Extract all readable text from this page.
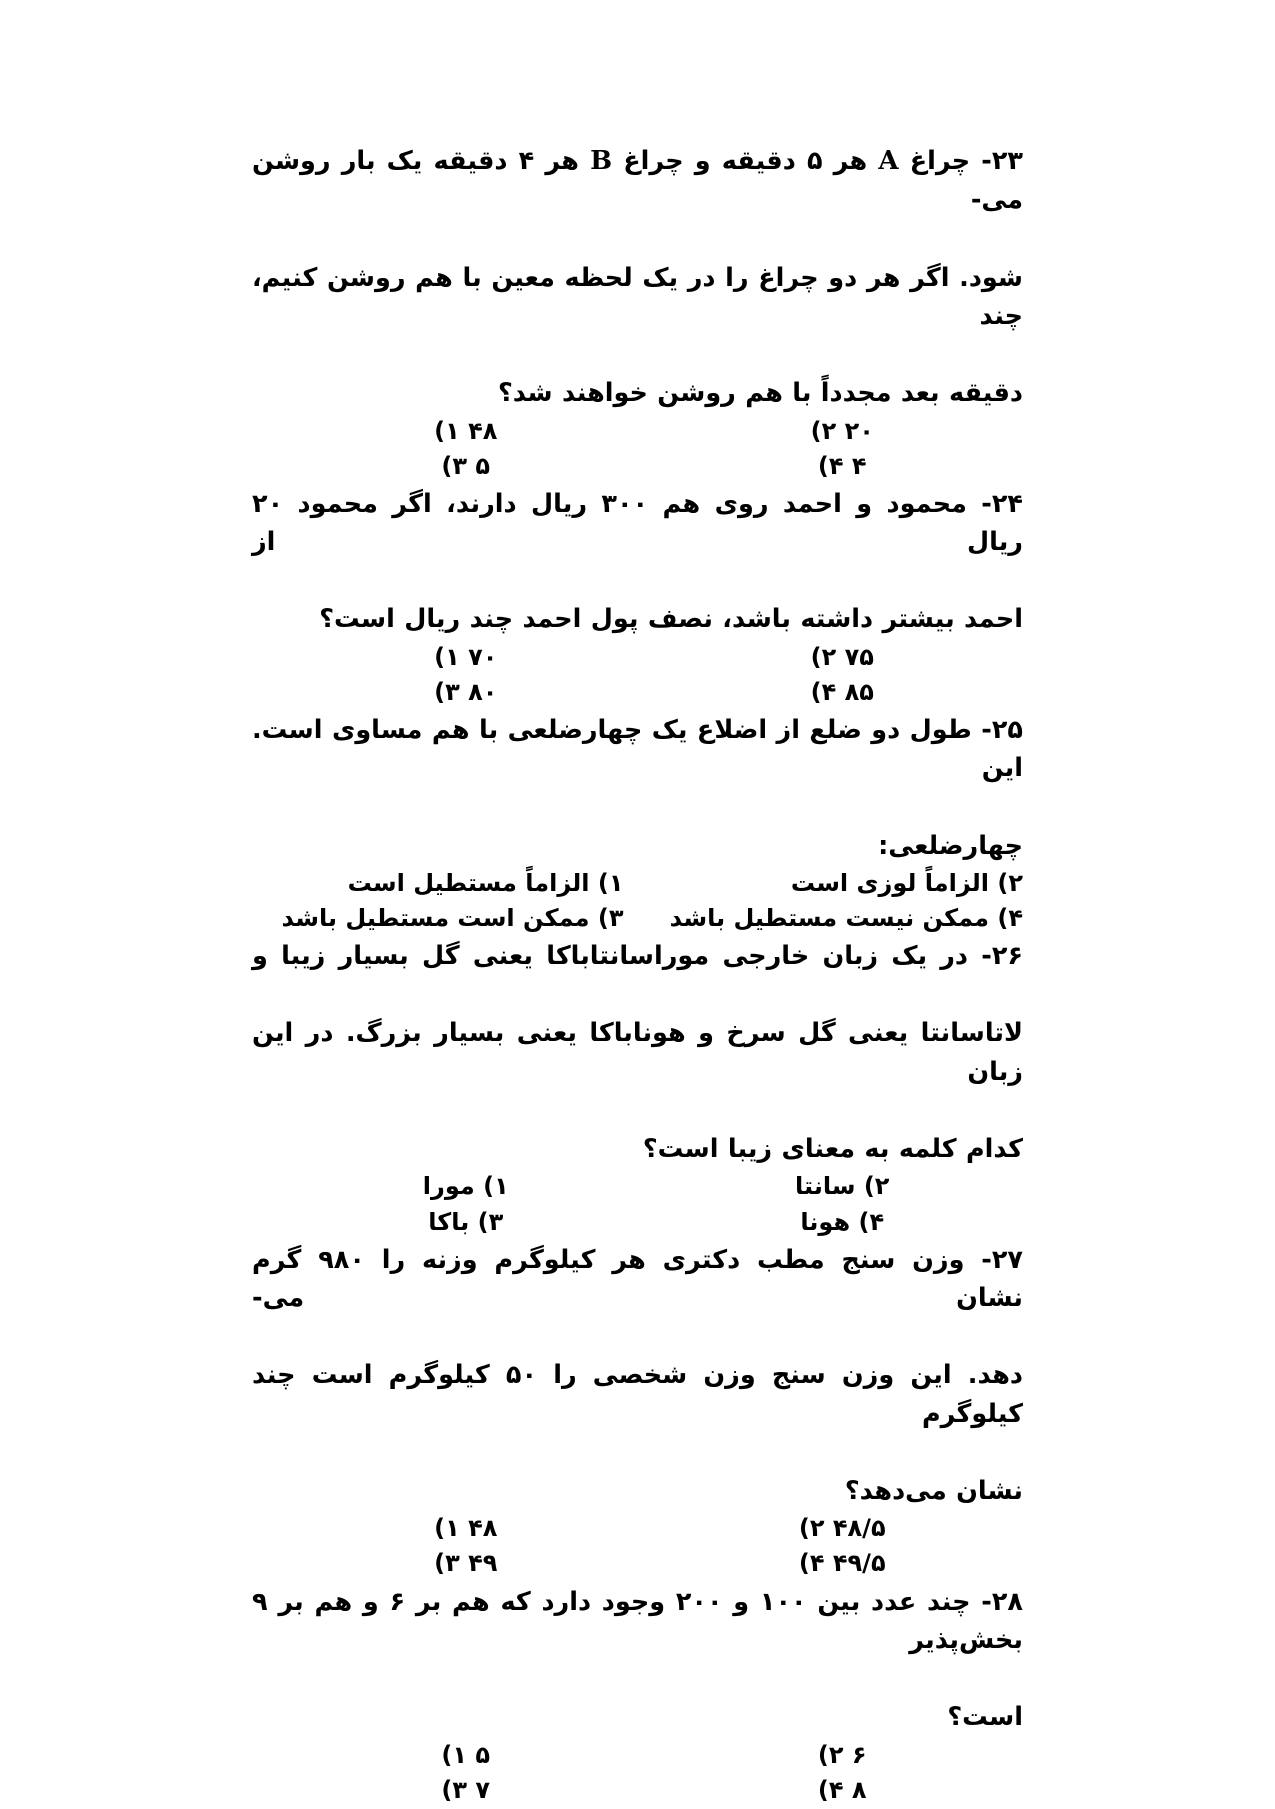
۲۳- چراغ A هر ۵ دقیقه و چراغ B هر ۴ دقیقه یک بار روشن می-

شود. اگر هر دو چراغ را در یک لحظه معین با هم روشن کنیم، چند

دقیقه بعد مجدداً با هم روشن خواهند شد؟

۲۰ ۲)
۴۸ ۱)
۴ ۴)
۵ ۳)

۲۴- محمود و احمد روی هم ۳۰۰ ریال دارند، اگر محمود ۲۰ ریال از

احمد بیشتر داشته باشد، نصف پول احمد چند ریال است؟

۷۵ ۲)
۷۰ ۱)
۸۵ ۴)
۸۰ ۳)

۲۵- طول دو ضلع از اضلاع یک چهارضلعی با هم مساوی است. این

چهارضلعی:

۲) الزاماً لوزی است
۱) الزاماً مستطیل است
۴) ممکن نیست مستطیل باشد
۳) ممکن است مستطیل باشد

۲۶- در یک زبان خارجی موراسانتاباکا یعنی گل بسیار زیبا و

لاتاسانتا یعنی گل سرخ و هوناباکا یعنی بسیار بزرگ. در این زبان

کدام کلمه به معنای زیبا است؟

۲) سانتا
۱) مورا
۴) هونا
۳) باکا

۲۷- وزن سنج مطب دکتری هر کیلوگرم وزنه را ۹۸۰ گرم نشان می-

دهد. این وزن سنج وزن شخصی را ۵۰ کیلوگرم است چند کیلوگرم

نشان می‌دهد؟

۴۸/۵ ۲)
۴۸ ۱)
۴۹/۵ ۴)
۴۹ ۳)

۲۸- چند عدد بین ۱۰۰ و ۲۰۰ وجود دارد که هم بر ۶ و هم بر ۹ بخش‌پذیر

است؟

۶ ۲)
۵ ۱)
۸ ۴)
۷ ۳)
